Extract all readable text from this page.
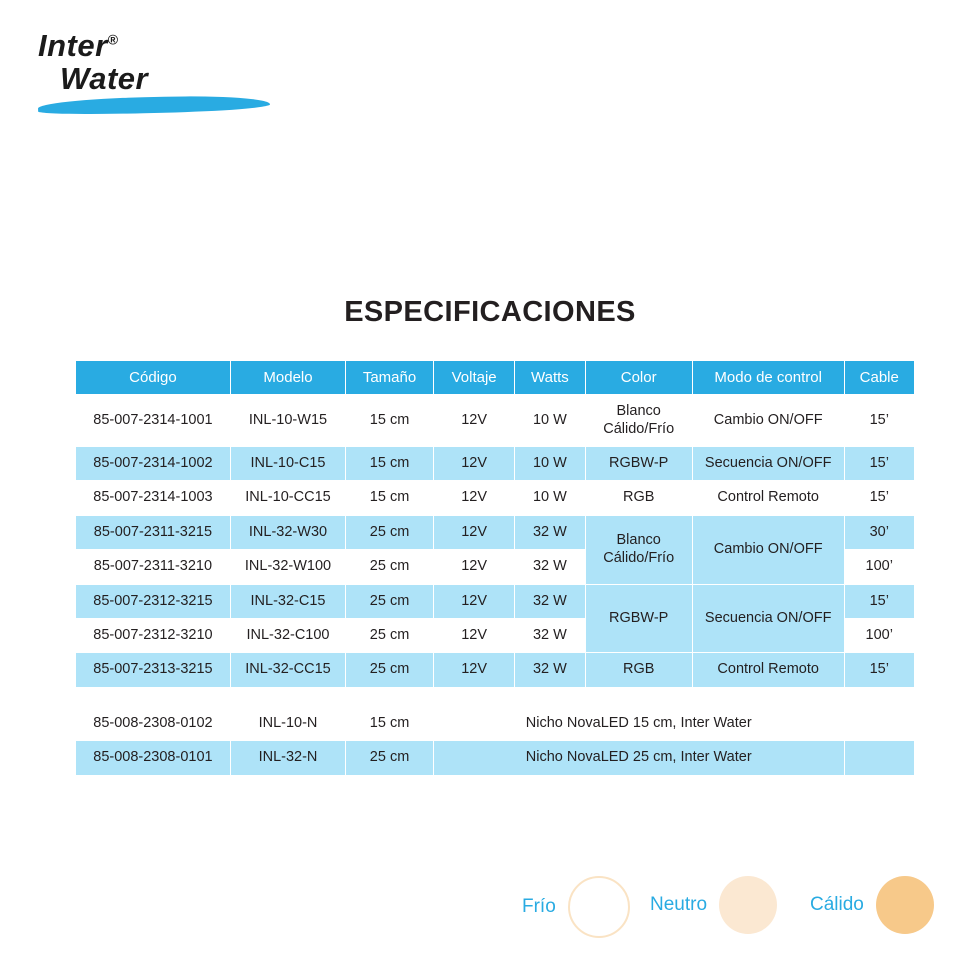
Inter®
Water
ESPECIFICACIONES
Código	Modelo	Tamaño	Voltaje	Watts	Color	Modo de control	Cable
85-007-2314-1001	INL-10-W15	15 cm	12V	10 W	Blanco Cálido/Frío	Cambio ON/OFF	15’
85-007-2314-1002	INL-10-C15	15 cm	12V	10 W	RGBW-P	Secuencia ON/OFF	15’
85-007-2314-1003	INL-10-CC15	15 cm	12V	10 W	RGB	Control Remoto	15’
85-007-2311-3215	INL-32-W30	25 cm	12V	32 W	Blanco Cálido/Frío	Cambio ON/OFF	30’
85-007-2311-3210	INL-32-W100	25 cm	12V	32 W			100’
85-007-2312-3215	INL-32-C15	25 cm	12V	32 W	RGBW-P	Secuencia ON/OFF	15’
85-007-2312-3210	INL-32-C100	25 cm	12V	32 W			100’
85-007-2313-3215	INL-32-CC15	25 cm	12V	32 W	RGB	Control Remoto	15’

85-008-2308-0102	INL-10-N	15 cm	Nicho NovaLED 15 cm, Inter Water				
85-008-2308-0101	INL-32-N	25 cm	Nicho NovaLED 25 cm, Inter Water				
Frío	Neutro	Cálido
